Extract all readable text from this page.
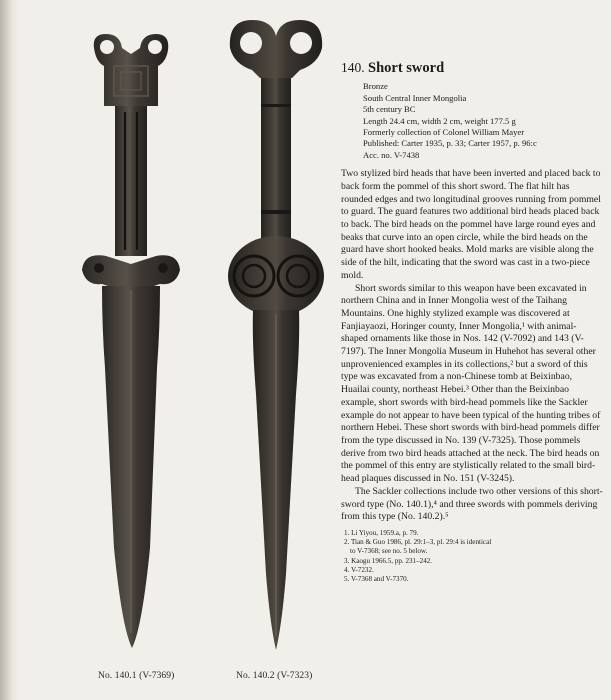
No. 140.1 (V-7369)	No. 140.2 (V-7323)
140. Short sword
Bronze
South Central Inner Mongolia
5th century BC
Length 24.4 cm, width 2 cm, weight 177.5 g
Formerly collection of Colonel William Mayer
Published: Carter 1935, p. 33; Carter 1957, p. 96:c
Acc. no. V-7438

Two stylized bird heads that have been inverted and placed back to back form the pommel of this short sword. The flat hilt has rounded edges and two longitudinal grooves running from pommel to guard. The guard features two additional bird heads placed back to back. The bird heads on the pommel have large round eyes and beaks that curve into an open circle, while the bird heads on the guard have short hooked beaks. Mold marks are visible along the side of the hilt, indicating that the sword was cast in a two-piece mold.

Short swords similar to this weapon have been excavated in northern China and in Inner Mongolia west of the Taihang Mountains. One highly stylized example was discovered at Fanjiayaozi, Horinger county, Inner Mongolia,¹ with animal-shaped ornaments like those in Nos. 142 (V-7092) and 143 (V-7197). The Inner Mongolia Museum in Huhehot has several other unprovenienced examples in its collections,² but a sword of this type was excavated from a non-Chinese tomb at Beixinbao, Huailai county, northeast Hebei.³ Other than the Beixinbao example, short swords with bird-head pommels like the Sackler example do not appear to have been typical of the hunting tribes of northern Hebei. These short swords with bird-head pommels differ from the type discussed in No. 139 (V-7325). Those pommels derive from two bird heads attached at the neck. The bird heads on the pommel of this entry are stylistically related to the small bird-head plaques discussed in No. 151 (V-3245).

The Sackler collections include two other versions of this short-sword type (No. 140.1),⁴ and three swords with pommels deriving from this type (No. 140.2).⁵

1. Li Yiyou, 1959.a, p. 79.
2. Tian & Guo 1986, pl. 29:1–3, pl. 29:4 is identical
to V-7368; see no. 5 below.
3. Kaogu 1966.5, pp. 231–242.
4. V-7232.
5. V-7368 and V-7370.
